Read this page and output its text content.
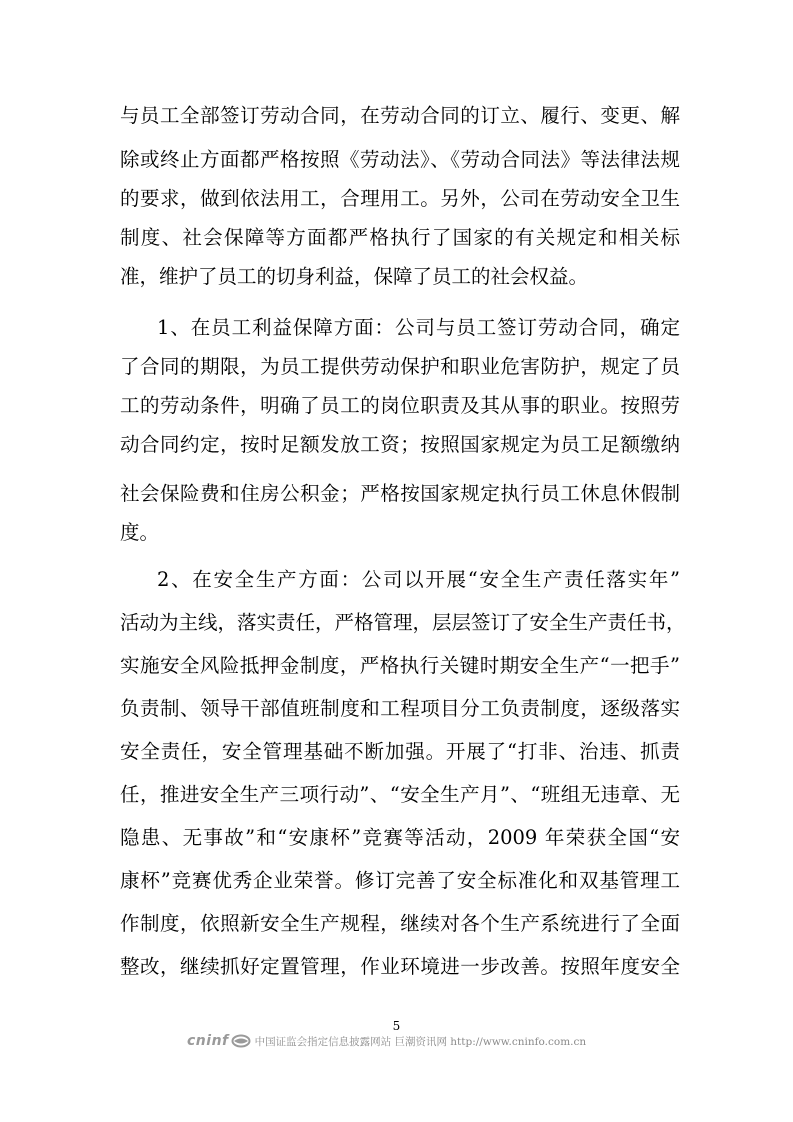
与员工全部签订劳动合同，在劳动合同的订立、履行、变更、解
除或终止方面都严格按照《劳动法》、《劳动合同法》等法律法规
的要求，做到依法用工，合理用工。另外，公司在劳动安全卫生
制度、社会保障等方面都严格执行了国家的有关规定和相关标
准，维护了员工的切身利益，保障了员工的社会权益。
1、在员工利益保障方面：公司与员工签订劳动合同，确定
了合同的期限，为员工提供劳动保护和职业危害防护，规定了员
工的劳动条件，明确了员工的岗位职责及其从事的职业。按照劳
动合同约定，按时足额发放工资；按照国家规定为员工足额缴纳
社会保险费和住房公积金；严格按国家规定执行员工休息休假制
度。
2、在安全生产方面：公司以开展“安全生产责任落实年”
活动为主线，落实责任，严格管理，层层签订了安全生产责任书，
实施安全风险抵押金制度，严格执行关键时期安全生产“一把手”
负责制、领导干部值班制度和工程项目分工负责制度，逐级落实
安全责任，安全管理基础不断加强。开展了“打非、治违、抓责
任，推进安全生产三项行动”、“安全生产月”、“班组无违章、无
隐患、无事故”和“安康杯”竞赛等活动，2009 年荣获全国“安
康杯”竞赛优秀企业荣誉。修订完善了安全标准化和双基管理工
作制度，依照新安全生产规程，继续对各个生产系统进行了全面
整改，继续抓好定置管理，作业环境进一步改善。按照年度安全
5
cninf 中国证监会指定信息披露网站 巨潮资讯网 http://www.cninfo.com.cn
